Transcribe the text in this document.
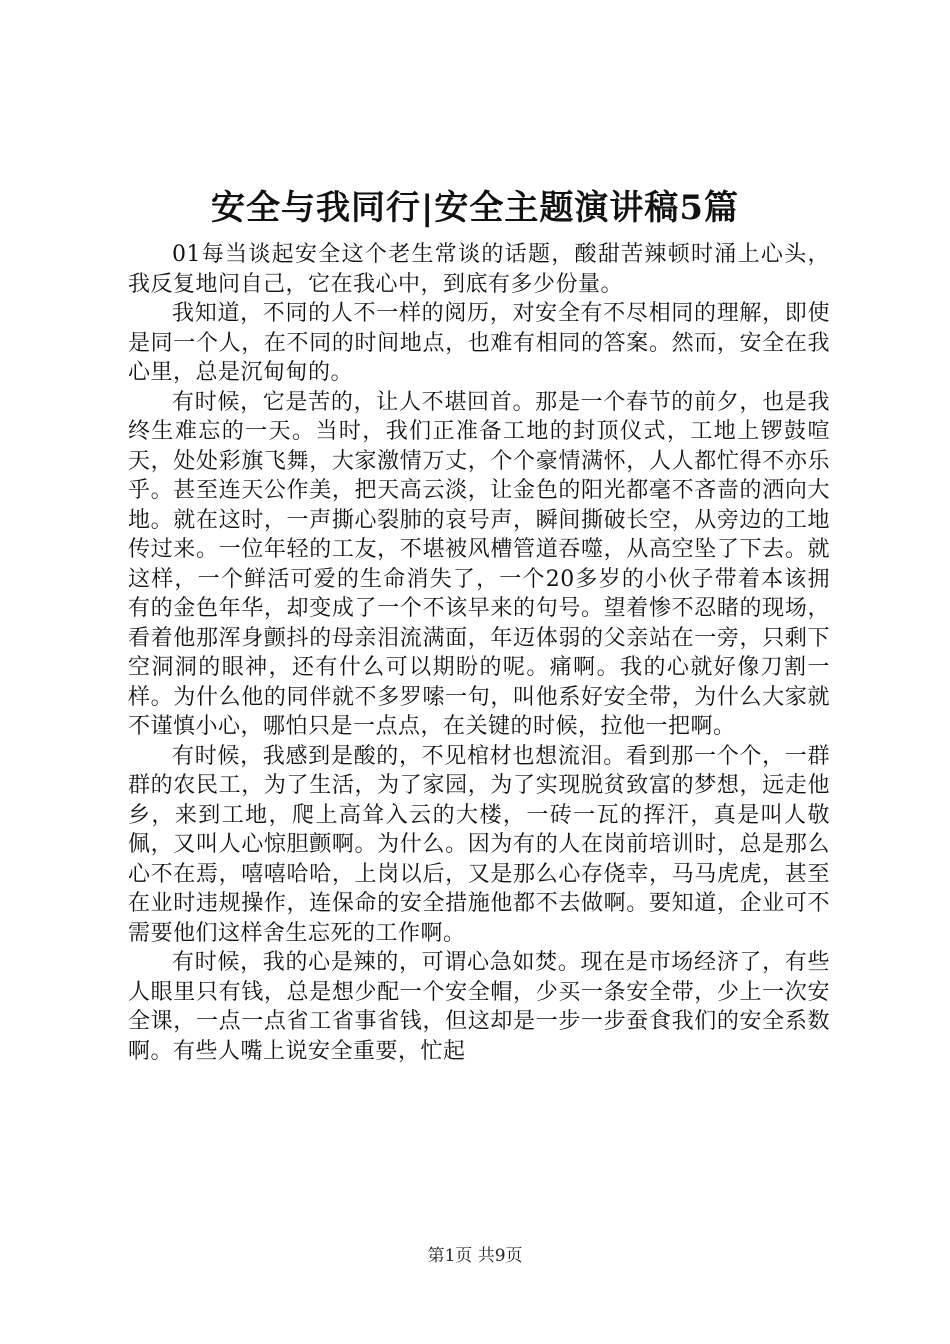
安全与我同行|安全主题演讲稿5篇

01每当谈起安全这个老生常谈的话题，酸甜苦辣顿时涌上心头，我反复地问自己，它在我心中，到底有多少份量。

我知道，不同的人不一样的阅历，对安全有不尽相同的理解，即使是同一个人，在不同的时间地点，也难有相同的答案。然而，安全在我心里，总是沉甸甸的。

有时候，它是苦的，让人不堪回首。那是一个春节的前夕，也是我终生难忘的一天。当时，我们正准备工地的封顶仪式，工地上锣鼓喧天，处处彩旗飞舞，大家激情万丈，个个豪情满怀，人人都忙得不亦乐乎。甚至连天公作美，把天高云淡，让金色的阳光都毫不吝啬的洒向大地。就在这时，一声撕心裂肺的哀号声，瞬间撕破长空，从旁边的工地传过来。一位年轻的工友，不堪被风槽管道吞噬，从高空坠了下去。就这样，一个鲜活可爱的生命消失了，一个20多岁的小伙子带着本该拥有的金色年华，却变成了一个不该早来的句号。望着惨不忍睹的现场，看着他那浑身颤抖的母亲泪流满面，年迈体弱的父亲站在一旁，只剩下空洞洞的眼神，还有什么可以期盼的呢。痛啊。我的心就好像刀割一样。为什么他的同伴就不多罗嗦一句，叫他系好安全带，为什么大家就不谨慎小心，哪怕只是一点点，在关键的时候，拉他一把啊。

有时候，我感到是酸的，不见棺材也想流泪。看到那一个个，一群群的农民工，为了生活，为了家园，为了实现脱贫致富的梦想，远走他乡，来到工地，爬上高耸入云的大楼，一砖一瓦的挥汗，真是叫人敬佩，又叫人心惊胆颤啊。为什么。因为有的人在岗前培训时，总是那么心不在焉，嘻嘻哈哈，上岗以后，又是那么心存侥幸，马马虎虎，甚至在业时违规操作，连保命的安全措施他都不去做啊。要知道，企业可不需要他们这样舍生忘死的工作啊。

有时候，我的心是辣的，可谓心急如焚。现在是市场经济了，有些人眼里只有钱，总是想少配一个安全帽，少买一条安全带，少上一次安全课，一点一点省工省事省钱，但这却是一步一步蚕食我们的安全系数啊。有些人嘴上说安全重要，忙起

第1页 共9页
